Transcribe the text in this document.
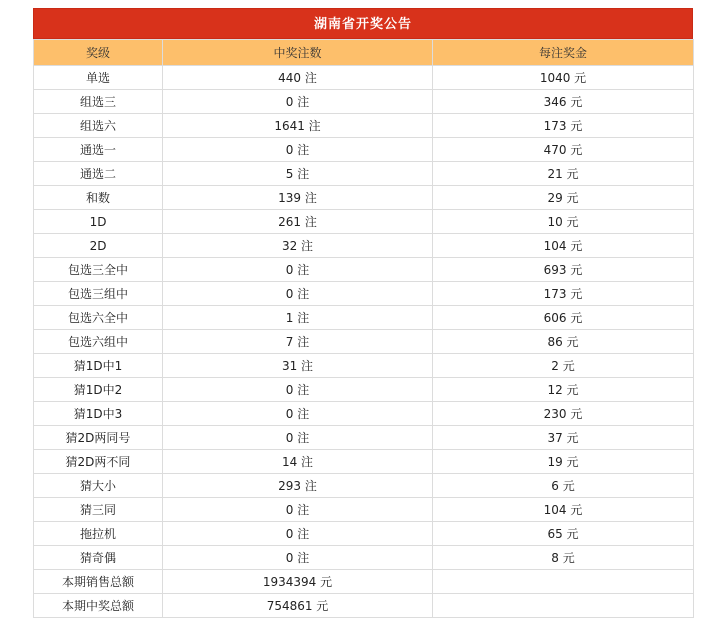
湖南省开奖公告
奖级	中奖注数	每注奖金
单选	440 注	1040 元
组选三	0 注	346 元
组选六	1641 注	173 元
通选一	0 注	470 元
通选二	5 注	21 元
和数	139 注	29 元
1D	261 注	10 元
2D	32 注	104 元
包选三全中	0 注	693 元
包选三组中	0 注	173 元
包选六全中	1 注	606 元
包选六组中	7 注	86 元
猜1D中1	31 注	2 元
猜1D中2	0 注	12 元
猜1D中3	0 注	230 元
猜2D两同号	0 注	37 元
猜2D两不同	14 注	19 元
猜大小	293 注	6 元
猜三同	0 注	104 元
拖拉机	0 注	65 元
猜奇偶	0 注	8 元
本期销售总额	1934394 元	
本期中奖总额	754861 元	
